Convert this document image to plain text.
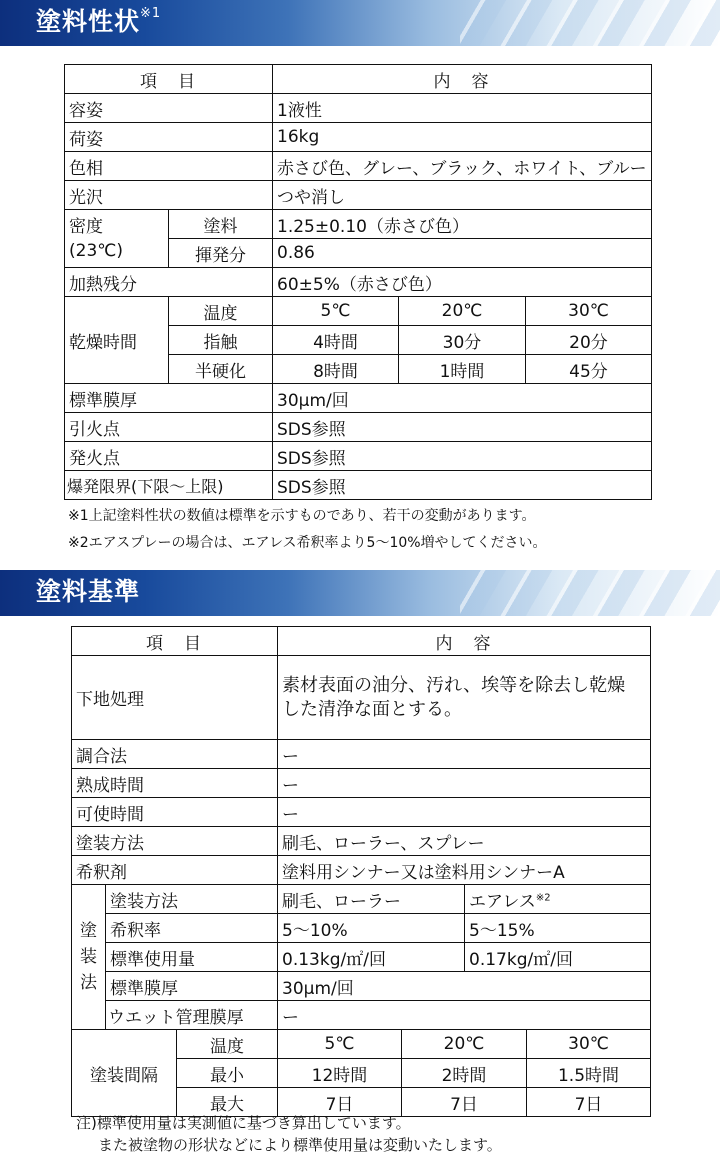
塗料性状$^{※1}$
項　目		内　容		
容姿		1液性		
荷姿		16kg		
色相		赤さび色、グレー、ブラック、ホワイト、ブルー		
光沢		つや消し		
密度
(23℃)	塗料	1.25±0.10（赤さび色）		
	揮発分	0.86		
加熱残分		60±5%（赤さび色）		
乾燥時間	温度	5℃	20℃	30℃
	指触	4時間	30分	20分
	半硬化	8時間	1時間	45分
標準膜厚		30μm/回		
引火点		SDS参照		
発火点		SDS参照		
爆発限界(下限〜上限)		SDS参照		
※1上記塗料性状の数値は標準を示すものであり、若干の変動があります。
※2エアスプレーの場合は、エアレス希釈率より5〜10%増やしてください。
塗料基準
項　目			内　容			
下地処理			素材表面の油分、汚れ、埃等を除去し乾燥した清浄な面とする。			
調合法			ー			
熟成時間			ー			
可使時間			ー			
塗装方法			刷毛、ローラー、スプレー			
希釈剤			塗料用シンナー又は塗料用シンナーA			

塗
装
法	塗装方法		刷毛、ローラー		エアレス$^{※2}$
	希釈率		5〜10%		5〜15%	
	標準使用量		0.13kg/㎡/回		0.17kg/㎡/回	
	標準膜厚		30μm/回			
	ウエット管理膜厚		ー			
塗装間隔		温度	5℃	20℃		30℃
		最小	12時間	2時間		1.5時間
		最大	7日	7日		7日
注)標準使用量は実測値に基づき算出しています。
また被塗物の形状などにより標準使用量は変動いたします。
